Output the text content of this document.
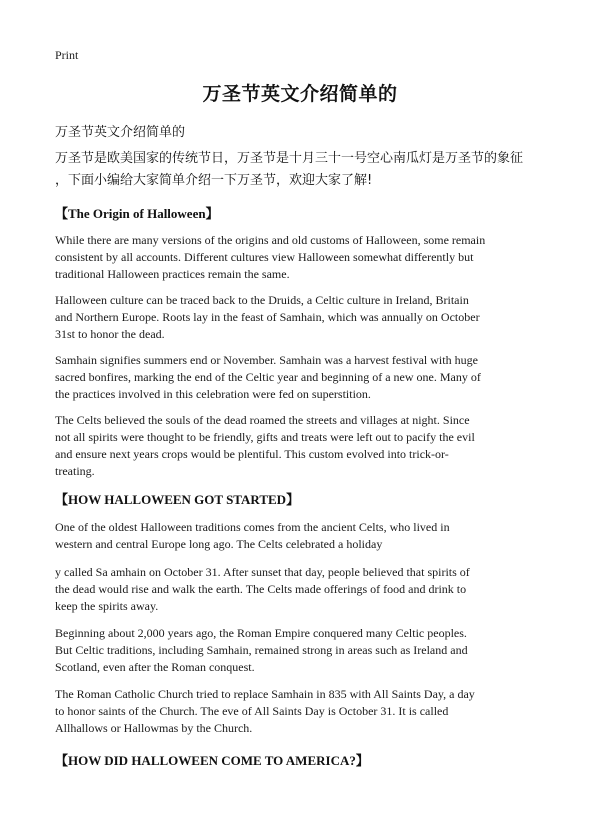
Print
万圣节英文介绍简单的
万圣节英文介绍简单的
万圣节是欧美国家的传统节日，万圣节是十月三十一号空心南瓜灯是万圣节的象征
，下面小编给大家简单介绍一下万圣节，欢迎大家了解!
【The Origin of Halloween】
While there are many versions of the origins and old customs of Halloween, some remain
consistent by all accounts. Different cultures view Halloween somewhat differently but
traditional Halloween practices remain the same.
Halloween culture can be traced back to the Druids, a Celtic culture in Ireland, Britain
and Northern Europe. Roots lay in the feast of Samhain, which was annually on October
31st to honor the dead.
Samhain signifies summers end or November. Samhain was a harvest festival with huge
sacred bonfires, marking the end of the Celtic year and beginning of a new one. Many of
the practices involved in this celebration were fed on superstition.
The Celts believed the souls of the dead roamed the streets and villages at night. Since
not all spirits were thought to be friendly, gifts and treats were left out to pacify the evil
and ensure next years crops would be plentiful. This custom evolved into trick-or-
treating.
【HOW HALLOWEEN GOT STARTED】
One of the oldest Halloween traditions comes from the ancient Celts, who lived in
western and central Europe long ago. The Celts celebrated a holiday
y called Sa amhain on October 31. After sunset that day, people believed that spirits of
the dead would rise and walk the earth. The Celts made offerings of food and drink to
keep the spirits away.
Beginning about 2,000 years ago, the Roman Empire conquered many Celtic peoples.
But Celtic traditions, including Samhain, remained strong in areas such as Ireland and
Scotland, even after the Roman conquest.
The Roman Catholic Church tried to replace Samhain in 835 with All Saints Day, a day
to honor saints of the Church. The eve of All Saints Day is October 31. It is called
Allhallows or Hallowmas by the Church.
【HOW DID HALLOWEEN COME TO AMERICA?】
